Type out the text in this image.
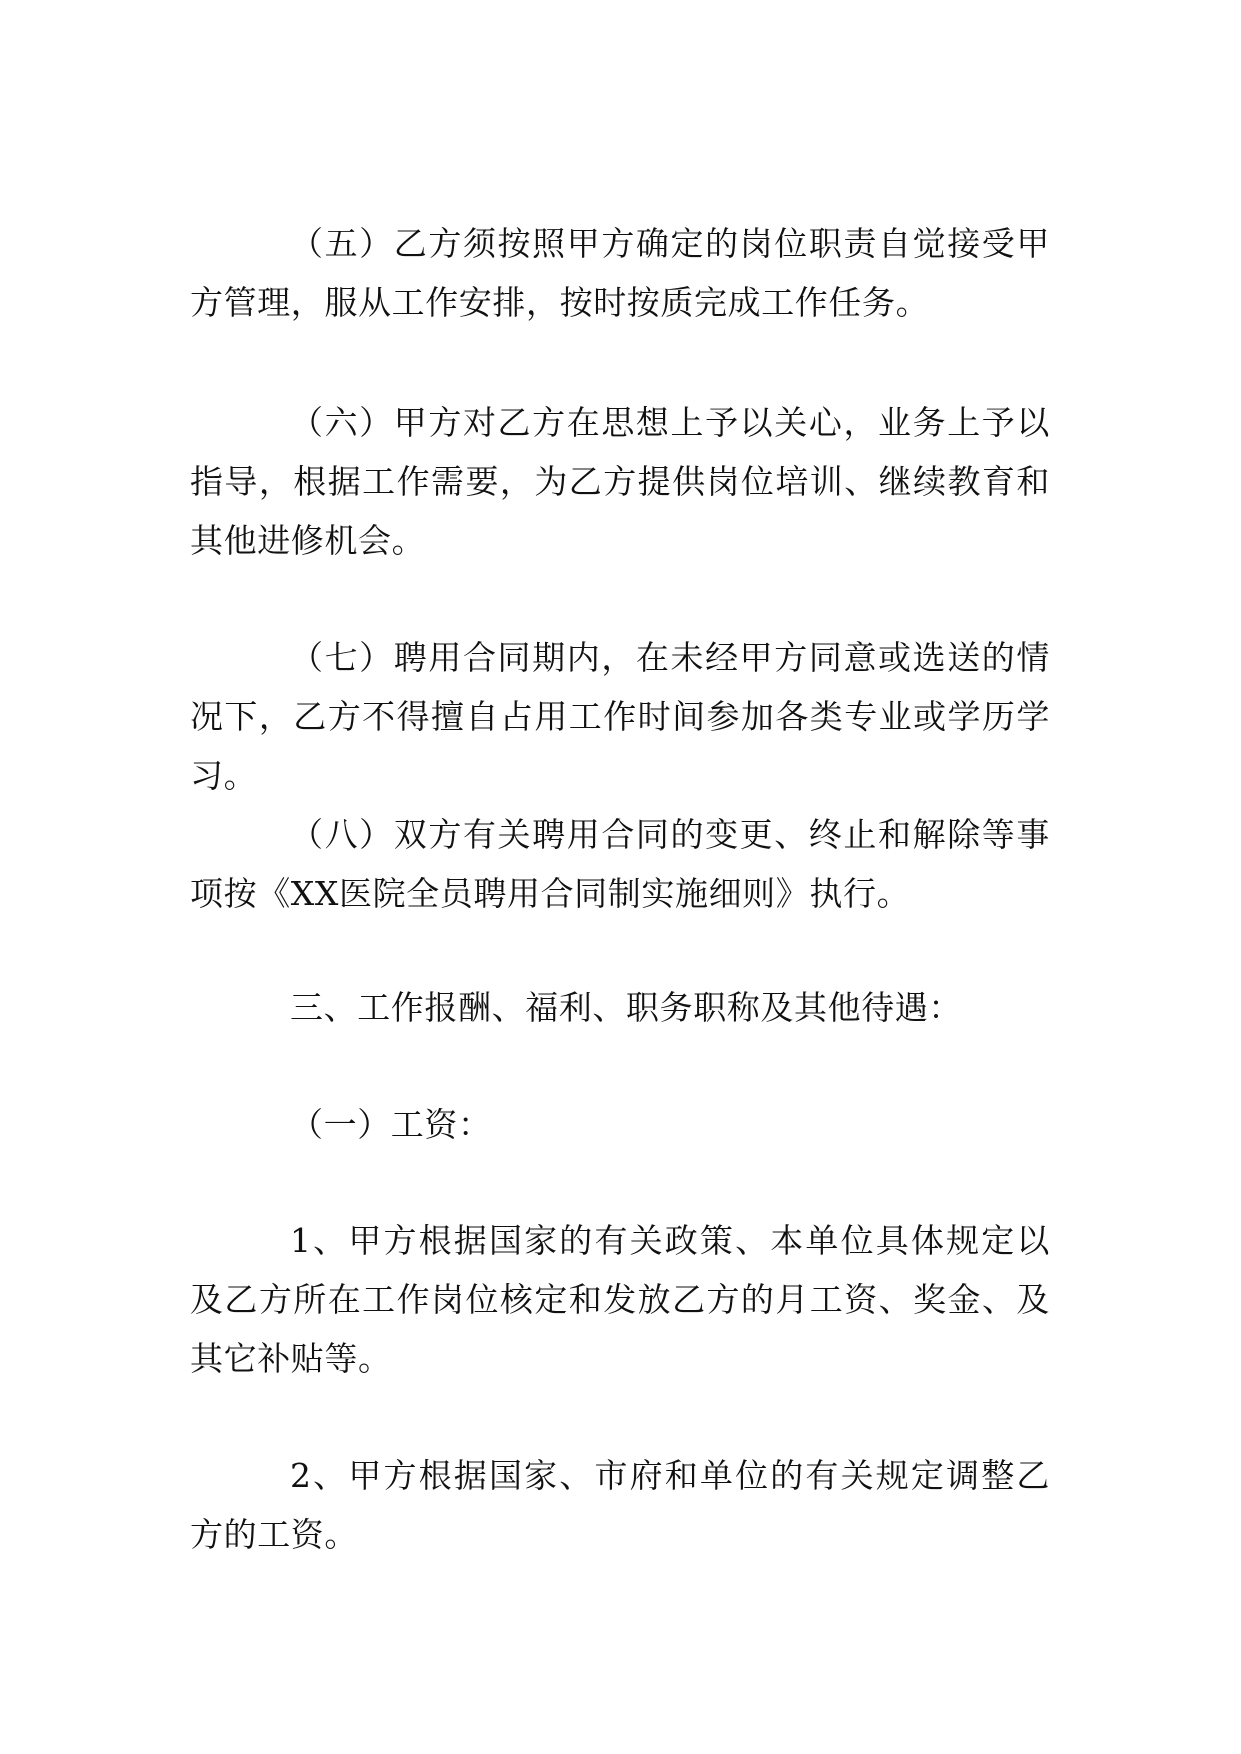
（五）乙方须按照甲方确定的岗位职责自觉接受甲方管理，服从工作安排，按时按质完成工作任务。

（六）甲方对乙方在思想上予以关心，业务上予以指导，根据工作需要，为乙方提供岗位培训、继续教育和其他进修机会。

（七）聘用合同期内，在未经甲方同意或选送的情况下，乙方不得擅自占用工作时间参加各类专业或学历学习。

（八）双方有关聘用合同的变更、终止和解除等事项按《XX医院全员聘用合同制实施细则》执行。

三、工作报酬、福利、职务职称及其他待遇：

（一）工资：

1、甲方根据国家的有关政策、本单位具体规定以及乙方所在工作岗位核定和发放乙方的月工资、奖金、及其它补贴等。

2、甲方根据国家、市府和单位的有关规定调整乙方的工资。
